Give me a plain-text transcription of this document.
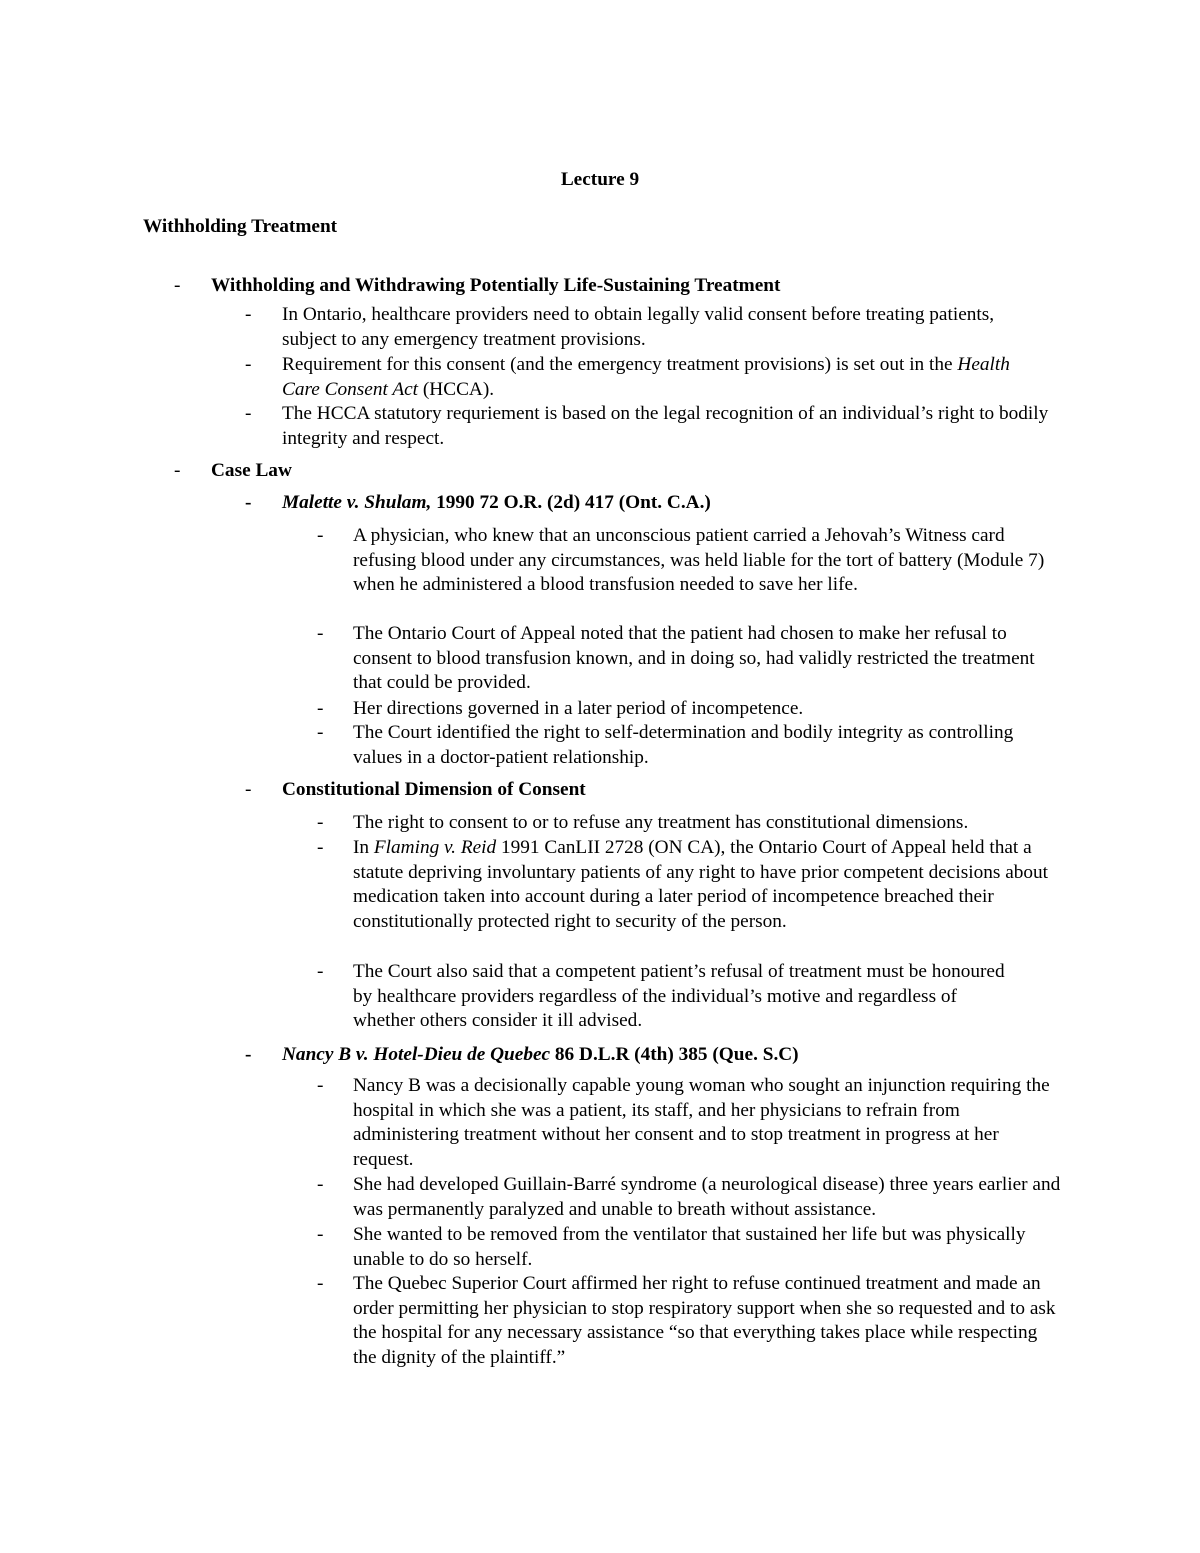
Lecture 9
Withholding Treatment
- Withholding and Withdrawing Potentially Life-Sustaining Treatment
- In Ontario, healthcare providers need to obtain legally valid consent before treating patients, subject to any emergency treatment provisions.
- Requirement for this consent (and the emergency treatment provisions) is set out in the Health Care Consent Act (HCCA).
- The HCCA statutory requriement is based on the legal recognition of an individual’s right to bodily integrity and respect.
- Case Law
- Malette v. Shulam, 1990 72 O.R. (2d) 417 (Ont. C.A.)
- A physician, who knew that an unconscious patient carried a Jehovah’s Witness card refusing blood under any circumstances, was held liable for the tort of battery (Module 7) when he administered a blood transfusion needed to save her life.
- The Ontario Court of Appeal noted that the patient had chosen to make her refusal to consent to blood transfusion known, and in doing so, had validly restricted the treatment that could be provided.
- Her directions governed in a later period of incompetence.
- The Court identified the right to self-determination and bodily integrity as controlling values in a doctor-patient relationship.
- Constitutional Dimension of Consent
- The right to consent to or to refuse any treatment has constitutional dimensions.
- In Flaming v. Reid 1991 CanLII 2728 (ON CA), the Ontario Court of Appeal held that a statute depriving involuntary patients of any right to have prior competent decisions about medication taken into account during a later period of incompetence breached their constitutionally protected right to security of the person.
- The Court also said that a competent patient’s refusal of treatment must be honoured by healthcare providers regardless of the individual’s motive and regardless of whether others consider it ill advised.
- Nancy B v. Hotel-Dieu de Quebec 86 D.L.R (4th) 385 (Que. S.C)
- Nancy B was a decisionally capable young woman who sought an injunction requiring the hospital in which she was a patient, its staff, and her physicians to refrain from administering treatment without her consent and to stop treatment in progress at her request.
- She had developed Guillain-Barré syndrome (a neurological disease) three years earlier and was permanently paralyzed and unable to breath without assistance.
- She wanted to be removed from the ventilator that sustained her life but was physically unable to do so herself.
- The Quebec Superior Court affirmed her right to refuse continued treatment and made an order permitting her physician to stop respiratory support when she so requested and to ask the hospital for any necessary assistance “so that everything takes place while respecting the dignity of the plaintiff.”
